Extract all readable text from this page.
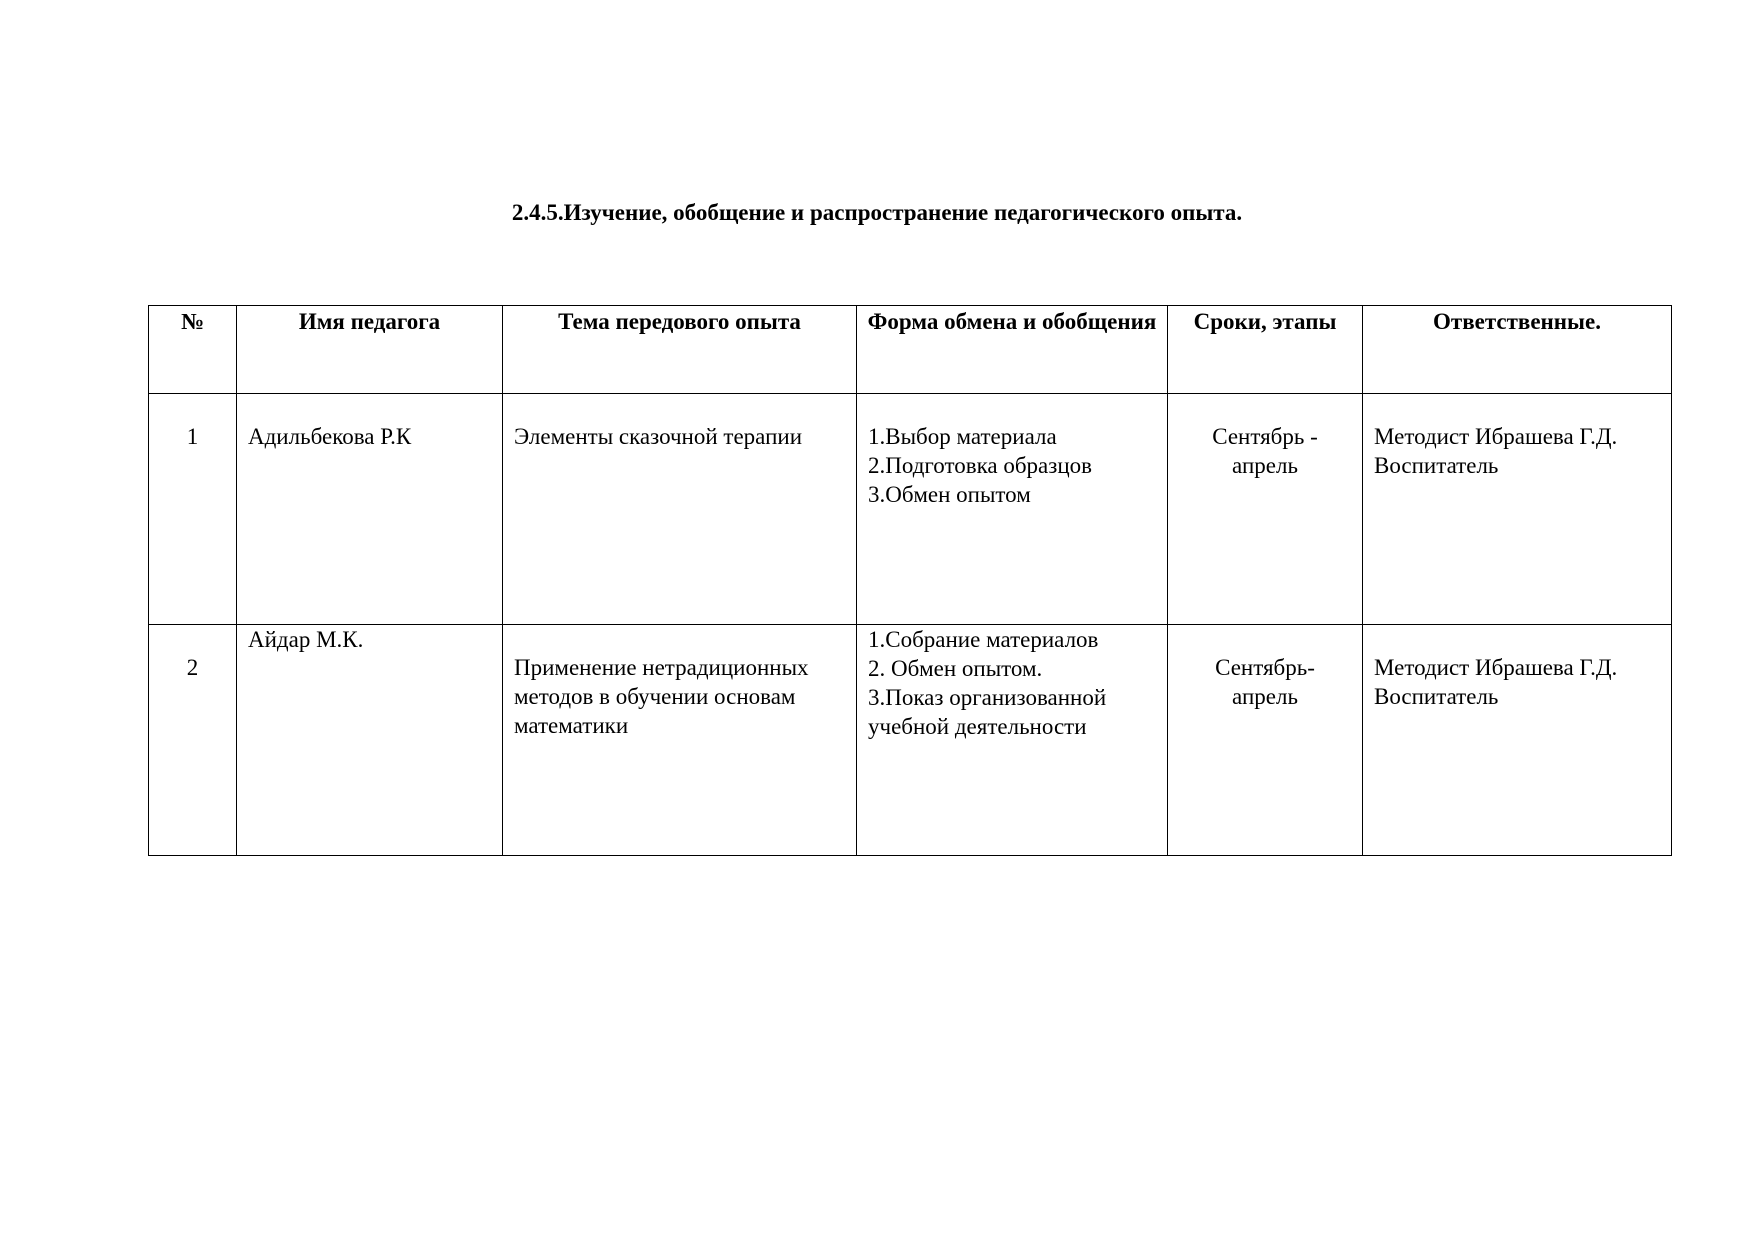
2.4.5.Изучение, обобщение и распространение педагогического опыта.
№	Имя педагога	Тема передового опыта	Форма обмена и обобщения	Сроки, этапы	Ответственные.

1	Адильбекова Р.К	Элементы сказочной терапии	1.Выбор материала
2.Подготовка образцов
3.Обмен опытом	Сентябрь -
апрель	Методист Ибрашева Г.Д.
Воспитатель

2	Айдар М.К.	Применение нетрадиционных
методов в обучении основам
математики	1.Собрание материалов
2. Обмен опытом.
3.Показ организованной
учебной деятельности	Сентябрь-
апрель	Методист Ибрашева Г.Д.
Воспитатель
